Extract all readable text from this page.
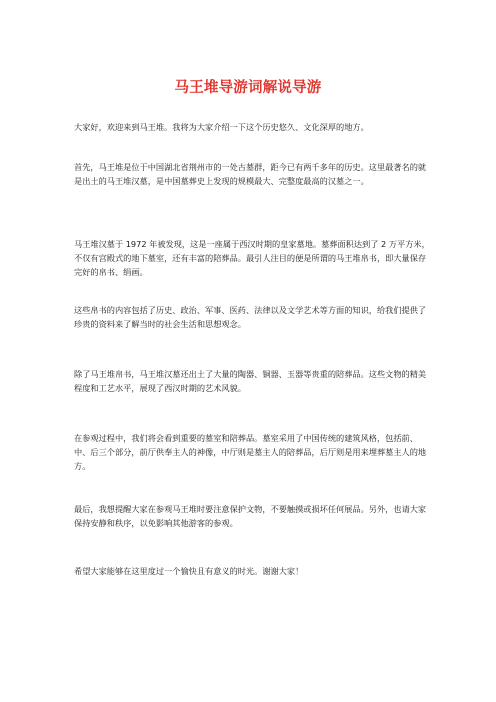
马王堆导游词解说导游

大家好，欢迎来到马王堆。我将为大家介绍一下这个历史悠久、文化深厚的地方。

首先，马王堆是位于中国湖北省荆州市的一处古墓群，距今已有两千多年的历史。这里最著名的就是出土的马王堆汉墓，是中国墓葬史上发现的规模最大、完整度最高的汉墓之一。

马王堆汉墓于 1972 年被发现，这是一座属于西汉时期的皇家墓地。墓葬面积达到了 2 万平方米，不仅有宫殿式的地下墓室，还有丰富的陪葬品。最引人注目的便是所谓的马王堆帛书，即大量保存完好的帛书、绢画。

这些帛书的内容包括了历史、政治、军事、医药、法律以及文学艺术等方面的知识，给我们提供了珍贵的资料来了解当时的社会生活和思想观念。

除了马王堆帛书，马王堆汉墓还出土了大量的陶器、铜器、玉器等贵重的陪葬品。这些文物的精美程度和工艺水平，展现了西汉时期的艺术风貌。

在参观过程中，我们将会看到重要的墓室和陪葬品。墓室采用了中国传统的建筑风格，包括前、中、后三个部分，前厅供奉主人的神像，中厅则是墓主人的陪葬品，后厅则是用来埋葬墓主人的地方。

最后，我想提醒大家在参观马王堆时要注意保护文物，不要触摸或损坏任何展品。另外，也请大家保持安静和秩序，以免影响其他游客的参观。

希望大家能够在这里度过一个愉快且有意义的时光。谢谢大家！
